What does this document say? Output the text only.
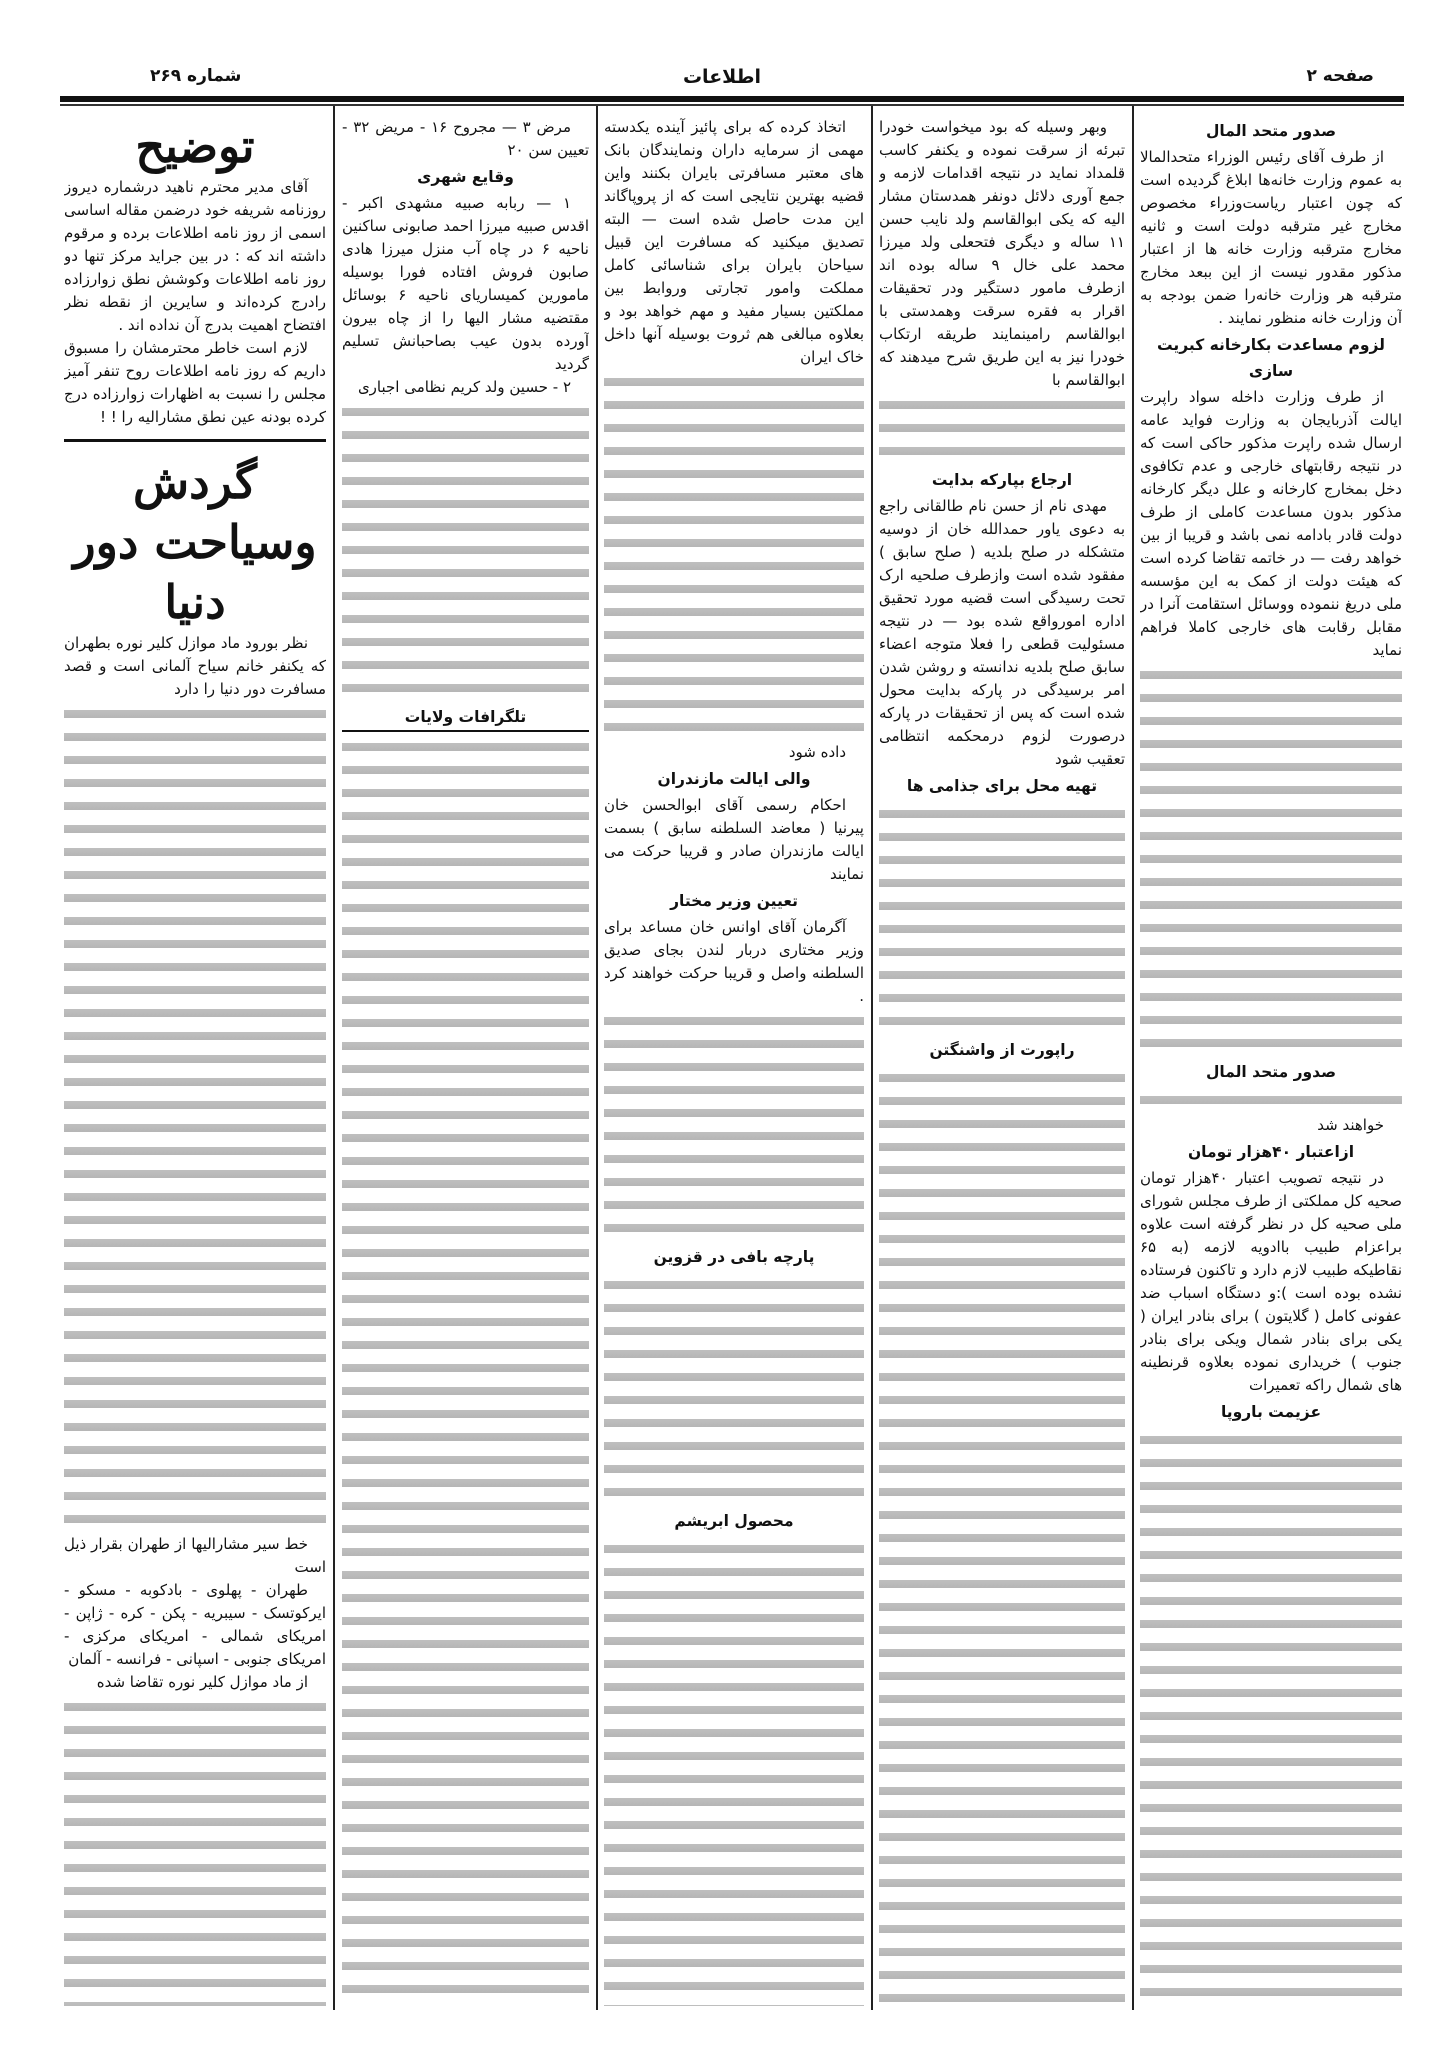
صفحه ۲
اطلاعات
شماره ۲۶۹
توضیح

آقای مدیر محترم ناهید درشماره دیروز روزنامه شریفه خود درضمن مقاله اساسی اسمی از روز نامه اطلاعات برده و مرقوم داشته اند که : در بین جراید مرکز تنها دو روز نامه اطلاعات وکوشش نطق زوارزاده رادرج کرده‌اند و سایرین از نقطه نظر افتضاح اهمیت بدرج آن نداده اند .

لازم است خاطر محترمشان را مسبوق داریم که روز نامه اطلاعات روح تنفر آمیز مجلس را نسبت به اظهارات زوارزاده درج کرده بودنه عین نطق مشارالیه را ! !

گردش
وسیاحت دور دنیا

نظر بورود ماد موازل کلیر نوره بطهران که یکنفر خانم سیاح آلمانی است و قصد مسافرت دور دنیا را دارد

خط سیر مشارالیها از طهران بقرار ذیل است

طهران - پهلوی - بادکوبه - مسکو - ایرکوتسک - سیبریه - پکن - کره - ژاپن - امریکای شمالی - امریکای مرکزی - امریکای جنوبی - اسپانی - فرانسه - آلمان

از ماد موازل کلیر نوره تقاضا شده

مرض ۳ — مجروح ۱۶ - مریض ۳۲ - تعیین سن ۲۰

وقایع شهری

۱ — ربابه صبیه مشهدی اکبر - اقدس صبیه میرزا احمد صابونی ساکنین ناحیه ۶ در چاه آب منزل میرزا هادی صابون فروش افتاده فورا بوسیله مامورین کمیساریای ناحیه ۶ بوسائل مقتضیه مشار الیها را از چاه بیرون آورده بدون عیب بصاحبانش تسلیم گردید

۲ - حسین ولد کریم نظامی اجباری

تلگرافات ولایات

اتخاذ کرده که برای پائیز آینده یکدسته مهمی از سرمایه داران ونمایندگان بانک های معتبر مسافرتی بایران بکنند واین قضیه بهترین نتایجی است که از پروپاگاند این مدت حاصل شده است — البته تصدیق میکنید که مسافرت این قبیل سیاحان بایران برای شناسائی کامل مملکت وامور تجارتی وروابط بین مملکتین بسیار مفید و مهم خواهد بود و بعلاوه مبالغی هم ثروت بوسیله آنها داخل خاک ایران

داده شود

والی ایالت مازندران

احکام رسمی آقای ابوالحسن خان پیرنیا ( معاضد السلطنه سابق ) بسمت ایالت مازندران صادر و قریبا حرکت می نمایند

تعیین وزیر مختار

آگرمان آقای اوانس خان مساعد برای وزیر مختاری دربار لندن بجای صدیق السلطنه واصل و قریبا حرکت خواهند کرد .

پارچه بافی در قزوین
محصول ابریشم

وبهر وسیله که بود میخواست خودرا تبرئه از سرقت نموده و یکنفر کاسب قلمداد نماید در نتیجه اقدامات لازمه و جمع آوری دلائل دونفر همدستان مشار الیه که یکی ابوالقاسم ولد نایب حسن ۱۱ ساله و دیگری فتحعلی ولد میرزا محمد علی خال ۹ ساله بوده اند ازطرف مامور دستگیر ودر تحقیقات اقرار به فقره سرقت وهمدستی با ابوالقاسم رامینمایند طریقه ارتکاب خودرا نیز به این طریق شرح میدهند که ابوالقاسم با

ارجاع بپارکه بدایت

مهدی نام از حسن نام طالقانی راجع به دعوی یاور حمدالله خان از دوسیه متشکله در صلح بلدیه ( صلح سابق ) مفقود شده است وازطرف صلحیه ارک تحت رسیدگی است قضیه مورد تحقیق اداره امورواقع شده بود — در نتیجه مسئولیت قطعی را فعلا متوجه اعضاء سابق صلح بلدیه ندانسته و روشن شدن امر برسیدگی در پارکه بدایت محول شده است که پس از تحقیقات در پارکه درصورت لزوم درمحکمه انتظامی تعقیب شود

تهیه محل برای جذامی ها
راپورت از واشنگتن
صدور متحد المال

از طرف آقای رئیس الوزراء متحدالمالا به عموم وزارت خانه‌ها ابلاغ گردیده است که چون اعتبار ریاست‌وزراء مخصوص مخارج غیر مترقبه دولت است و ثانیه مخارج مترقبه وزارت خانه ها از اعتبار مذکور مقدور نیست از این ببعد مخارج مترقبه هر وزارت خانه‌را ضمن بودجه به آن وزارت خانه منظور نمایند .

لزوم مساعدت بکارخانه کبریت سازی

از طرف وزارت داخله سواد راپرت ایالت آذربایجان به وزارت فواید عامه ارسال شده راپرت مذکور حاکی است که در نتیجه رقابتهای خارجی و عدم تکافوی دخل بمخارج کارخانه و علل دیگر کارخانه مذکور بدون مساعدت کاملی از طرف دولت قادر بادامه نمی باشد و قریبا از بین خواهد رفت — در خاتمه تقاضا کرده است که هیئت دولت از کمک به این مؤسسه ملی دریغ ننموده ووسائل استقامت آنرا در مقابل رقابت های خارجی کاملا فراهم نماید

صدور متحد المال

خواهند شد

ازاعتبار ۴۰هزار تومان

در نتیجه تصویب اعتبار ۴۰هزار تومان صحیه کل مملکتی از طرف مجلس شورای ملی صحیه کل در نظر گرفته است علاوه براعزام طبیب باادویه لازمه (به ۶۵ نقاطیکه طبیب لازم دارد و تاکنون فرستاده نشده بوده است ):و دستگاه اسباب ضد عفونی کامل ( گلایتون ) برای بنادر ایران ( یکی برای بنادر شمال ویکی برای بنادر جنوب ) خریداری نموده بعلاوه قرنطینه های شمال راکه تعمیرات

عزیمت باروپا
